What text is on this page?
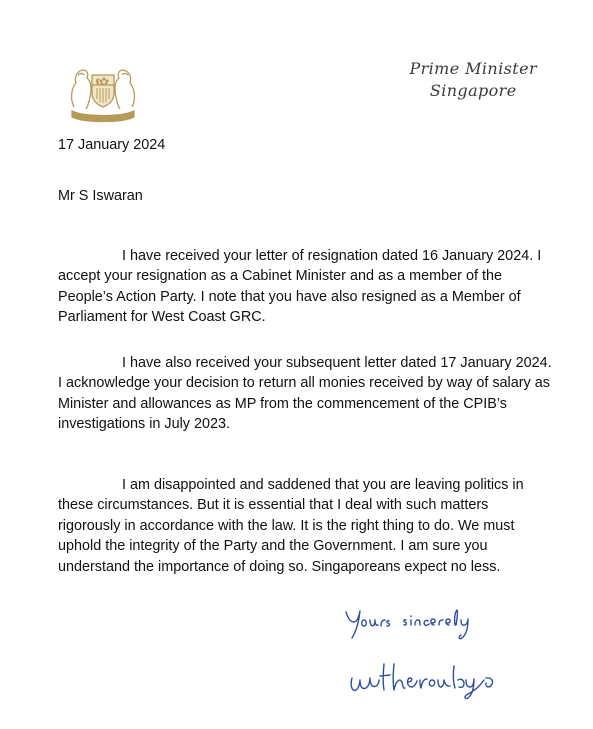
Prime Minister
Singapore
17 January 2024
Mr S Iswaran

I have received your letter of resignation dated 16 January 2024. I accept your resignation as a Cabinet Minister and as a member of the People’s Action Party. I note that you have also resigned as a Member of Parliament for West Coast GRC.

I have also received your subsequent letter dated 17 January 2024. I acknowledge your decision to return all monies received by way of salary as Minister and allowances as MP from the commencement of the CPIB’s investigations in July 2023.

I am disappointed and saddened that you are leaving politics in these circumstances. But it is essential that I deal with such matters rigorously in accordance with the law. It is the right thing to do. We must uphold the integrity of the Party and the Government. I am sure you understand the importance of doing so. Singaporeans expect no less.
